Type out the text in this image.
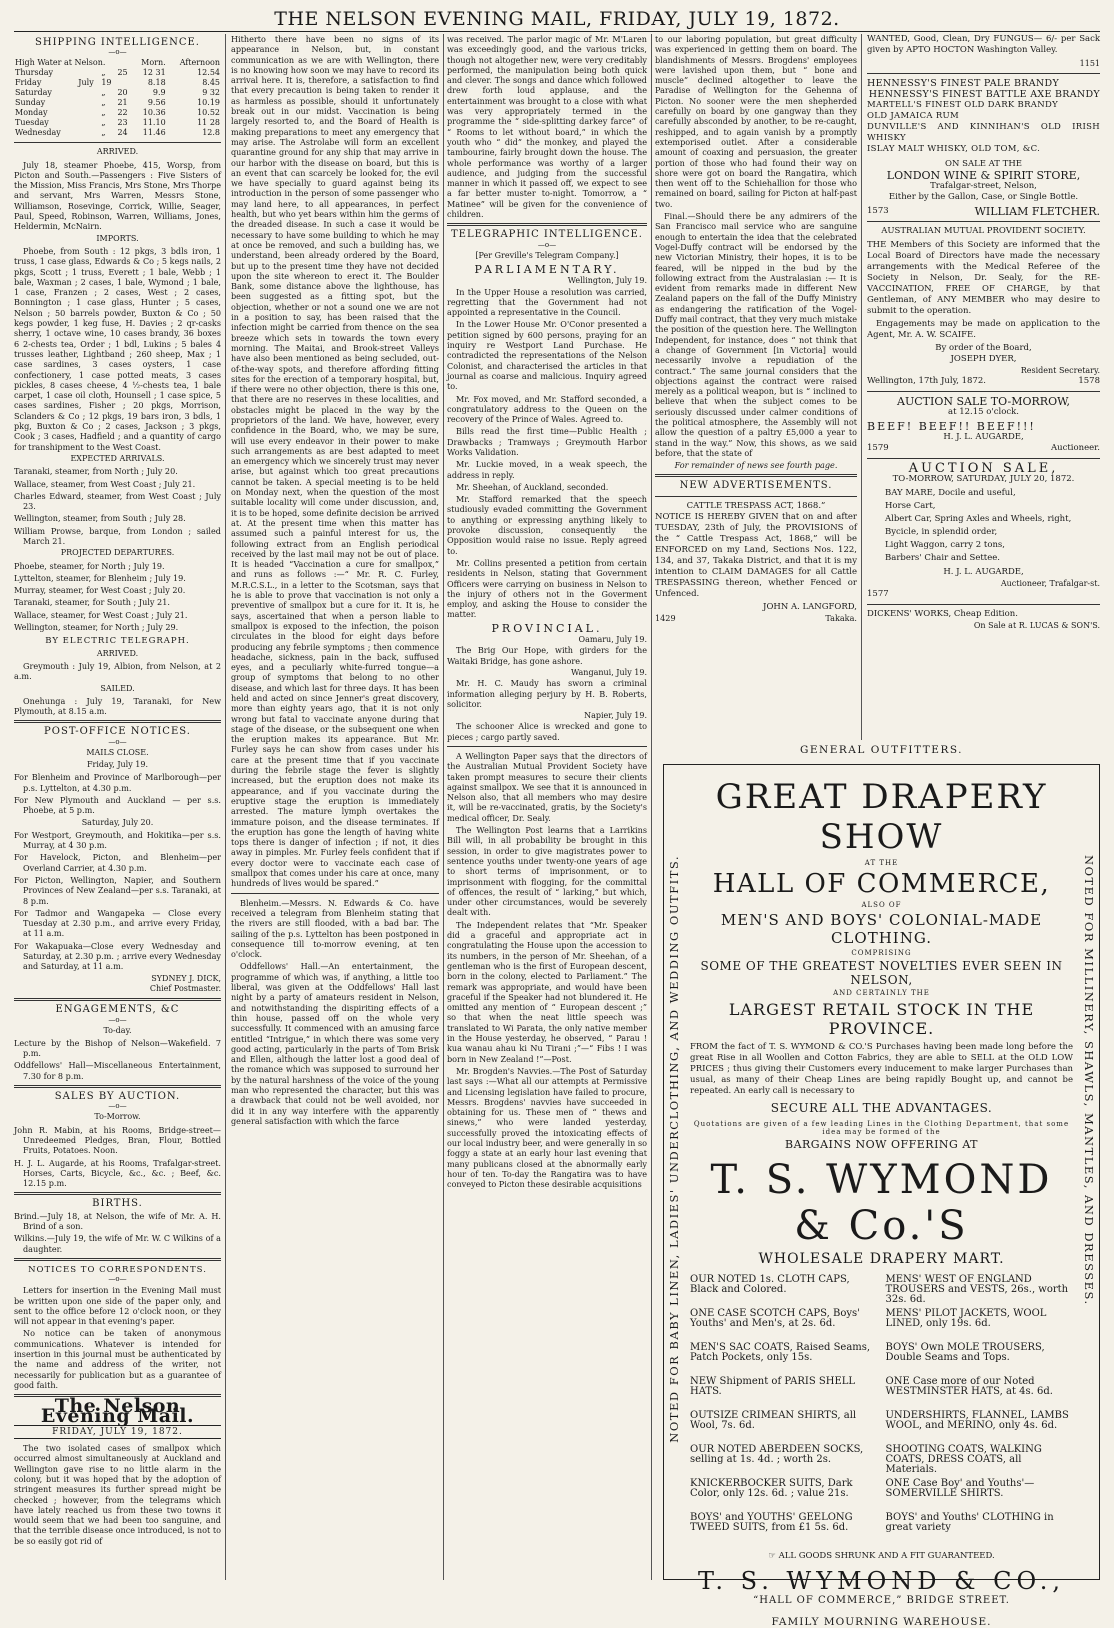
THE NELSON EVENING MAIL, FRIDAY, JULY 19, 1872.
SHIPPING INTELLIGENCE.
—o—
High Water at Nelson.				Morn.	Afternoon
Thursday		„	25	12 31	12.54
Friday	July	19		8.18	8.45
Saturday		„	20	9.9	9 32
Sunday		„	21	9.56	10.19
Monday		„	22	10.36	10.52
Tuesday		„	23	11.10	11 28
Wednesday		„	24	11.46	12.8
ARRIVED.

July 18, steamer Phoebe, 415, Worsp, from Picton and South.—Passengers : Five Sisters of the Mission, Miss Francis, Mrs Stone, Mrs Thorpe and servant, Mrs Warren, Messrs Stone, Williamson, Rosevinge, Corrick, Willie, Seager, Paul, Speed, Robinson, Warren, Williams, Jones, Heldermin, McNairn.

IMPORTS.

Phoebe, from South : 12 pkgs, 3 bdls iron, 1 truss, 1 case glass, Edwards & Co ; 5 kegs nails, 2 pkgs, Scott ; 1 truss, Everett ; 1 bale, Webb ; 1 bale, Waxman ; 2 cases, 1 bale, Wymond ; 1 bale, 1 case, Franzen ; 2 cases, West ; 2 cases, Bonnington ; 1 case glass, Hunter ; 5 cases, Nelson ; 50 barrels powder, Buxton & Co ; 50 kegs powder, 1 keg fuse, H. Davies ; 2 qr-casks sherry, 1 octave wine, 10 cases brandy, 36 boxes 6 2-chests tea, Order ; 1 bdl, Lukins ; 5 bales 4 trusses leather, Lightband ; 260 sheep, Max ; 1 case sardines, 3 cases oysters, 1 case confectionery, 1 case potted meats, 3 cases pickles, 8 cases cheese, 4 ½-chests tea, 1 bale carpet, 1 case oil cloth, Hounsell ; 1 case spice, 5 cases sardines, Fisher ; 20 pkgs, Morrison, Sclanders & Co ; 12 pkgs, 19 bars iron, 3 bdls, 1 pkg, Buxton & Co ; 2 cases, Jackson ; 3 pkgs, Cook ; 3 cases, Hadfield ; and a quantity of cargo for transhipment to the West Coast.

EXPECTED ARRIVALS.

Taranaki, steamer, from North ; July 20.

Wallace, steamer, from West Coast ; July 21.

Charles Edward, steamer, from West Coast ; July 23.

Wellington, steamer, from South ; July 28.

William Prowse, barque, from London ; sailed March 21.

PROJECTED DEPARTURES.

Phoebe, steamer, for North ; July 19.

Lyttelton, steamer, for Blenheim ; July 19.

Murray, steamer, for West Coast ; July 20.

Taranaki, steamer, for South ; July 21.

Wallace, steamer, for West Coast ; July 21.

Wellington, steamer, for North ; July 29.

BY ELECTRIC TELEGRAPH.
ARRIVED.

Greymouth : July 19, Albion, from Nelson, at 2 a.m.

SAILED.

Onehunga : July 19, Taranaki, for New Plymouth, at 8.15 a.m.

POST-OFFICE NOTICES.
—o—
MAILS CLOSE.
Friday, July 19.

For Blenheim and Province of Marlborough—per p.s. Lyttelton, at 4.30 p.m.

For New Plymouth and Auckland — per s.s. Phoebe, at 5 p.m.

Saturday, July 20.

For Westport, Greymouth, and Hokitika—per s.s. Murray, at 4 30 p.m.

For Havelock, Picton, and Blenheim—per Overland Carrier, at 4.30 p.m.

For Picton, Wellington, Napier, and Southern Provinces of New Zealand—per s.s. Taranaki, at 8 p.m.

For Tadmor and Wangapeka — Close every Tuesday at 2.30 p.m., and arrive every Friday, at 11 a.m.

For Wakapuaka—Close every Wednesday and Saturday, at 2.30 p.m. ; arrive every Wednesday and Saturday, at 11 a.m.

SYDNEY J. DICK,
Chief Postmaster.
ENGAGEMENTS, &C
—o—
To-day.

Lecture by the Bishop of Nelson—Wakefield. 7 p.m.

Oddfellows' Hall—Miscellaneous Entertainment, 7.30 for 8 p.m.

SALES BY AUCTION.
—o—
To-Morrow.

John R. Mabin, at his Rooms, Bridge-street—Unredeemed Pledges, Bran, Flour, Bottled Fruits, Potatoes. Noon.

H. J. L. Augarde, at his Rooms, Trafalgar-street. Horses, Carts, Bicycle, &c., &c. ; Beef, &c. 12.15 p.m.

BIRTHS.

Brind.—July 18, at Nelson, the wife of Mr. A. H. Brind of a son.

Wilkins.—July 19, the wife of Mr. W. C Wilkins of a daughter.

NOTICES TO CORRESPONDENTS.
—o—

Letters for insertion in the Evening Mail must be written upon one side of the paper only, and sent to the office before 12 o'clock noon, or they will not appear in that evening's paper.

No notice can be taken of anonymous communications. Whatever is intended for insertion in this journal must be authenticated by the name and address of the writer, not necessarily for publication but as a guarantee of good faith.

The Nelson Evening Mail.
FRIDAY, JULY 19, 1872.

The two isolated cases of smallpox which occurred almost simultaneously at Auckland and Wellington gave rise to no little alarm in the colony, but it was hoped that by the adoption of stringent measures its further spread might be checked ; however, from the telegrams which have lately reached us from these two towns it would seem that we had been too sanguine, and that the terrible disease once introduced, is not to be so easily got rid of

Hitherto there have been no signs of its appearance in Nelson, but, in constant communication as we are with Wellington, there is no knowing how soon we may have to record its arrival here. It is, therefore, a satisfaction to find that every precaution is being taken to render it as harmless as possible, should it unfortunately break out in our midst. Vaccination is being largely resorted to, and the Board of Health is making preparations to meet any emergency that may arise. The Astrolabe will form an excellent quarantine ground for any ship that may arrive in our harbor with the disease on board, but this is an event that can scarcely be looked for, the evil we have specially to guard against being its introduction in the person of some passenger who may land here, to all appearances, in perfect health, but who yet bears within him the germs of the dreaded disease. In such a case it would be necessary to have some building to which he may at once be removed, and such a building has, we understand, been already ordered by the Board, but up to the present time they have not decided upon the site whereon to erect it. The Boulder Bank, some distance above the lighthouse, has been suggested as a fitting spot, but the objection, whether or not a sound one we are not in a position to say, has been raised that the infection might be carried from thence on the sea breeze which sets in towards the town every morning. The Maitai, and Brook-street Valleys have also been mentioned as being secluded, out-of-the-way spots, and therefore affording fitting sites for the erection of a temporary hospital, but, if there were no other objection, there is this one, that there are no reserves in these localities, and obstacles might be placed in the way by the proprietors of the land. We have, however, every confidence in the Board, who, we may be sure, will use every endeavor in their power to make such arrangements as are best adapted to meet an emergency which we sincerely trust may never arise, but against which too great precautions cannot be taken. A special meeting is to be held on Monday next, when the question of the most suitable locality will come under discussion, and, it is to be hoped, some definite decision be arrived at. At the present time when this matter has assumed such a painful interest for us, the following extract from an English periodical received by the last mail may not be out of place. It is headed “Vaccination a cure for smallpox,” and runs as follows :—“ Mr. R. C. Furley, M.R.C.S.L., in a letter to the Scotsman, says that he is able to prove that vaccination is not only a preventive of smallpox but a cure for it. It is, he says, ascertained that when a person liable to smallpox is exposed to the infection, the poison circulates in the blood for eight days before producing any febrile symptoms ; then commence headache, sickness, pain in the back, suffused eyes, and a peculiarly white-furred tongue—a group of symptoms that belong to no other disease, and which last for three days. It has been held and acted on since Jenner's great discovery, more than eighty years ago, that it is not only wrong but fatal to vaccinate anyone during that stage of the disease, or the subsequent one when the eruption makes its appearance. But Mr. Furley says he can show from cases under his care at the present time that if you vaccinate during the febrile stage the fever is slightly increased, but the eruption does not make its appearance, and if you vaccinate during the eruptive stage the eruption is immediately arrested. The mature lymph overtakes the immature poison, and the disease terminates. If the eruption has gone the length of having white tops there is danger of infection ; if not, it dies away in pimples. Mr. Furley feels confident that if every doctor were to vaccinate each case of smallpox that comes under his care at once, many hundreds of lives would be spared.”

Blenheim.—Messrs. N. Edwards & Co. have received a telegram from Blenheim stating that the rivers are still flooded, with a bad bar. The sailing of the p.s. Lyttelton has been postponed in consequence till to-morrow evening, at ten o'clock.

Oddfellows' Hall.—An entertainment, the programme of which was, if anything, a little too liberal, was given at the Oddfellows' Hall last night by a party of amateurs resident in Nelson, and notwithstanding the dispiriting effects of a thin house, passed off on the whole very successfully. It commenced with an amusing farce entitled “Intrigue,” in which there was some very good acting, particularly in the parts of Tom Brisk and Ellen, although the latter lost a good deal of the romance which was supposed to surround her by the natural harshness of the voice of the young man who represented the character, but this was a drawback that could not be well avoided, nor did it in any way interfere with the apparently general satisfaction with which the farce

was received. The parlor magic of Mr. M'Laren was exceedingly good, and the various tricks, though not altogether new, were very creditably performed, the manipulation being both quick and clever. The songs and dance which followed drew forth loud applause, and the entertainment was brought to a close with what was very appropriately termed in the programme the “ side-splitting darkey farce” of “ Rooms to let without board,” in which the youth who “ did” the monkey, and played the tambourine, fairly brought down the house. The whole performance was worthy of a larger audience, and judging from the successful manner in which it passed off, we expect to see a far better muster to-night. Tomorrow, a “ Matinee” will be given for the convenience of children.

TELEGRAPHIC INTELLIGENCE.
—o—
[Per Greville's Telegram Company.]
PARLIAMENTARY.
Wellington, July 19.

In the Upper House a resolution was carried, regretting that the Government had not appointed a representative in the Council.

In the Lower House Mr. O'Conor presented a petition signed by 600 persons, praying for an inquiry re Westport Land Purchase. He contradicted the representations of the Nelson Colonist, and characterised the articles in that journal as coarse and malicious. Inquiry agreed to.

Mr. Fox moved, and Mr. Stafford seconded, a congratulatory address to the Queen on the recovery of the Prince of Wales. Agreed to.

Bills read the first time—Public Health ; Drawbacks ; Tramways ; Greymouth Harbor Works Validation.

Mr. Luckie moved, in a weak speech, the address in reply.

Mr. Sheehan, of Auckland, seconded.

Mr. Stafford remarked that the speech studiously evaded committing the Government to anything or expressing anything likely to provoke discussion, consequently the Opposition would raise no issue. Reply agreed to.

Mr. Collins presented a petition from certain residents in Nelson, stating that Government Officers were carrying on business in Nelson to the injury of others not in the Goverment employ, and asking the House to consider the matter.

PROVINCIAL.
Oamaru, July 19.

The Brig Our Hope, with girders for the Waitaki Bridge, has gone ashore.

Wanganui, July 19.

Mr. H. C. Maudy has sworn a criminal information alleging perjury by H. B. Roberts, solicitor.

Napier, July 19.

The schooner Alice is wrecked and gone to pieces ; cargo partly saved.

A Wellington Paper says that the directors of the Australian Mutual Provident Society have taken prompt measures to secure their clients against smallpox. We see that it is announced in Nelson also, that all members who may desire it, will be re-vaccinated, gratis, by the Society's medical officer, Dr. Sealy.

The Wellington Post learns that a Larrikins Bill will, in all probability be brought in this session, in order to give magistrates power to sentence youths under twenty-one years of age to short terms of imprisonment, or to imprisonment with flogging, for the committal of offences, the result of “ larking,” but which, under other circumstances, would be severely dealt with.

The Independent relates that “Mr. Speaker did a graceful and appropriate act in congratulating the House upon the accession to its numbers, in the person of Mr. Sheehan, of a gentleman who is the first of European descent, born in the colony, elected to Parliament.” The remark was appropriate, and would have been graceful if the Speaker had not blundered it. He omitted any mention of “ European descent ;” so that when the neat little speech was translated to Wi Parata, the only native member in the House yesterday, he observed, “ Parau ! kua wanau ahau ki Nu Tirani ;”—“ Fibs ! I was born in New Zealand !”—Post.

Mr. Brogden's Navvies.—The Post of Saturday last says :—What all our attempts at Permissive and Licensing legislation have failed to procure, Messrs. Brogdens' navvies have succeeded in obtaining for us. These men of “ thews and sinews,” who were landed yesterday, successfully proved the intoxicating effects of our local industry beer, and were generally in so foggy a state at an early hour last evening that many publicans closed at the abnormally early hour of ten. To-day the Rangatira was to have conveyed to Picton these desirable acquisitions

to our laboring population, but great difficulty was experienced in getting them on board. The blandishments of Messrs. Brogdens' employees were lavished upon them, but “ bone and muscle” declined altogether to leave the Paradise of Wellington for the Gehenna of Picton. No sooner were the men shepherded carefully on board by one gangway than they carefully absconded by another, to be re-caught, reshipped, and to again vanish by a promptly extemporised outlet. After a considerable amount of coaxing and persuasion, the greater portion of those who had found their way on shore were got on board the Rangatira, which then went off to the Schiehallion for those who remained on board, sailing for Picton at half-past two.

Final.—Should there be any admirers of the San Francisco mail service who are sanguine enough to entertain the idea that the celebrated Vogel-Duffy contract will be endorsed by the new Victorian Ministry, their hopes, it is to be feared, will be nipped in the bud by the following extract from the Australasian :— It is evident from remarks made in different New Zealand papers on the fall of the Duffy Ministry as endangering the ratification of the Vogel-Duffy mail contract, that they very much mistake the position of the question here. The Wellington Independent, for instance, does “ not think that a change of Government [in Victoria] would necessarily involve a repudiation of the contract.” The same journal considers that the objections against the contract were raised merely as a political weapon, but is “ inclined to believe that when the subject comes to be seriously discussed under calmer conditions of the political atmosphere, the Assembly will not allow the question of a paltry £5,000 a year to stand in the way.” Now, this shows, as we said before, that the state of

For remainder of news see fourth page.
NEW ADVERTISEMENTS.
CATTLE TRESPASS ACT, 1868.”

NOTICE IS HEREBY GIVEN that on and after TUESDAY, 23th of July, the PROVISIONS of the “ Cattle Trespass Act, 1868,” will be ENFORCED on my Land, Sections Nos. 122, 134, and 37, Takaka District, and that it is my intention to CLAIM DAMAGES for all Cattle TRESPASSING thereon, whether Fenced or Unfenced.

JOHN A. LANGFORD,
1429	Takaka.

WANTED, Good, Clean, Dry FUNGUS— 6/- per Sack given by APTO HOCTON Washington Valley.

1151
HENNESSY'S FINEST PALE BRANDY
HENNESSY'S FINEST BATTLE AXE BRANDY
MARTELL'S FINEST OLD DARK BRANDY
OLD JAMAICA RUM
DUNVILLE'S AND KINNIHAN'S OLD IRISH WHISKY
ISLAY MALT WHISKY, OLD TOM, &C.
ON SALE AT THE
LONDON WINE & SPIRIT STORE,
Trafalgar-street, Nelson,
Either by the Gallon, Case, or Single Bottle.
1573	WILLIAM FLETCHER.
AUSTRALIAN MUTUAL PROVIDENT SOCIETY.

THE Members of this Society are informed that the Local Board of Directors have made the necessary arrangements with the Medical Referee of the Society in Nelson, Dr. Sealy, for the RE-VACCINATION, FREE OF CHARGE, by that Gentleman, of ANY MEMBER who may desire to submit to the operation.

Engagements may be made on application to the Agent, Mr. A. W. SCAIFE.

By order of the Board,
JOSEPH DYER,
Resident Secretary.
Wellington, 17th July, 1872.	1578
AUCTION SALE TO-MORROW,
at 12.15 o'clock.
BEEF! BEEF!! BEEF!!!
H. J. L. AUGARDE,
1579	Auctioneer.
AUCTION SALE,
TO-MORROW, SATURDAY, JULY 20, 1872.

BAY MARE, Docile and useful,

Horse Cart,

Albert Car, Spring Axles and Wheels, right,

Bycicle, in splendid order,

Light Waggon, carry 2 tons,

Barbers' Chair and Settee.

H. J. L. AUGARDE,
Auctioneer, Trafalgar-st.
1577
DICKENS' WORKS, Cheap Edition.
On Sale at R. LUCAS & SON'S.
GENERAL OUTFITTERS.
NOTED FOR BABY LINEN, LADIES' UNDERCLOTHING, AND WEDDING OUTFITS.	NOTED FOR MILLINERY, SHAWLS, MANTLES, AND DRESSES.
GREAT DRAPERY SHOW
AT THE
HALL OF COMMERCE,
ALSO OF
MEN'S AND BOYS' COLONIAL-MADE CLOTHING.
COMPRISING
SOME OF THE GREATEST NOVELTIES EVER SEEN IN NELSON,
AND CERTAINLY THE
LARGEST RETAIL STOCK IN THE PROVINCE.
FROM the fact of T. S. WYMOND & CO.'S Purchases having been made long before the great Rise in all Woollen and Cotton Fabrics, they are able to SELL at the OLD LOW PRICES ; thus giving their Customers every inducement to make larger Purchases than usual, as many of their Cheap Lines are being rapidly Bought up, and cannot be repeated. An early call is necessary to
SECURE ALL THE ADVANTAGES.
Quotations are given of a few leading Lines in the Clothing Department, that some idea may be formed of the
BARGAINS NOW OFFERING AT
T. S. WYMOND & Co.'S
WHOLESALE DRAPERY MART.
OUR NOTED 1s. CLOTH CAPS, Black and Colored.
MENS' WEST OF ENGLAND TROUSERS and VESTS, 26s., worth 32s. 6d.
ONE CASE SCOTCH CAPS, Boys' Youths' and Men's, at 2s. 6d.
MENS' PILOT JACKETS, WOOL LINED, only 19s. 6d.
MEN'S SAC COATS, Raised Seams, Patch Pockets, only 15s.
BOYS' Own MOLE TROUSERS, Double Seams and Tops.
NEW Shipment of PARIS SHELL HATS.
ONE Case more of our Noted WESTMINSTER HATS, at 4s. 6d.
OUTSIZE CRIMEAN SHIRTS, all Wool, 7s. 6d.
UNDERSHIRTS, FLANNEL, LAMBS WOOL, and MERINO, only 4s. 6d.
OUR NOTED ABERDEEN SOCKS, selling at 1s. 4d. ; worth 2s.
SHOOTING COATS, WALKING COATS, DRESS COATS, all Materials.
KNICKERBOCKER SUITS, Dark Color, only 12s. 6d. ; value 21s.
ONE Case Boy' and Youths'— SOMERVILLE SHIRTS.
BOYS' and YOUTHS' GEELONG TWEED SUITS, from £1 5s. 6d.
BOYS' and Youths' CLOTHING in great variety
☞ ALL GOODS SHRUNK AND A FIT GUARANTEED.
T. S. WYMOND & CO.,
“HALL OF COMMERCE,” BRIDGE STREET.
FAMILY MOURNING WAREHOUSE.
